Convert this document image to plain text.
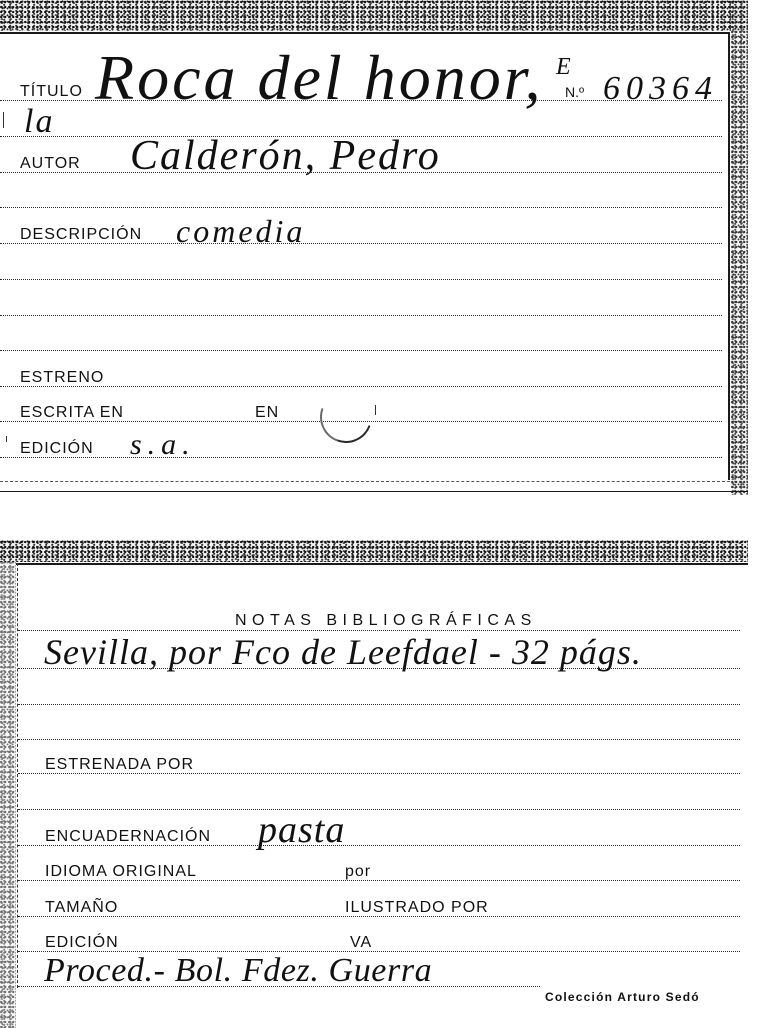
TÍTULO Roca del honor, E
N.º 60364
la
AUTOR Calderón, Pedro
DESCRIPCIÓN comedia
ESTRENO
ESCRITA EN	EN
EDICIÓN s.a.
NOTAS BIBLIOGRÁFICAS
Sevilla, por Fco de Leefdael - 32 págs.
ESTRENADA POR
ENCUADERNACIÓN pasta
IDIOMA ORIGINAL	por
TAMAÑO	ILUSTRADO POR
EDICIÓN	VA
Proced.- Bol. Fdez. Guerra
Colección Arturo Sedó
